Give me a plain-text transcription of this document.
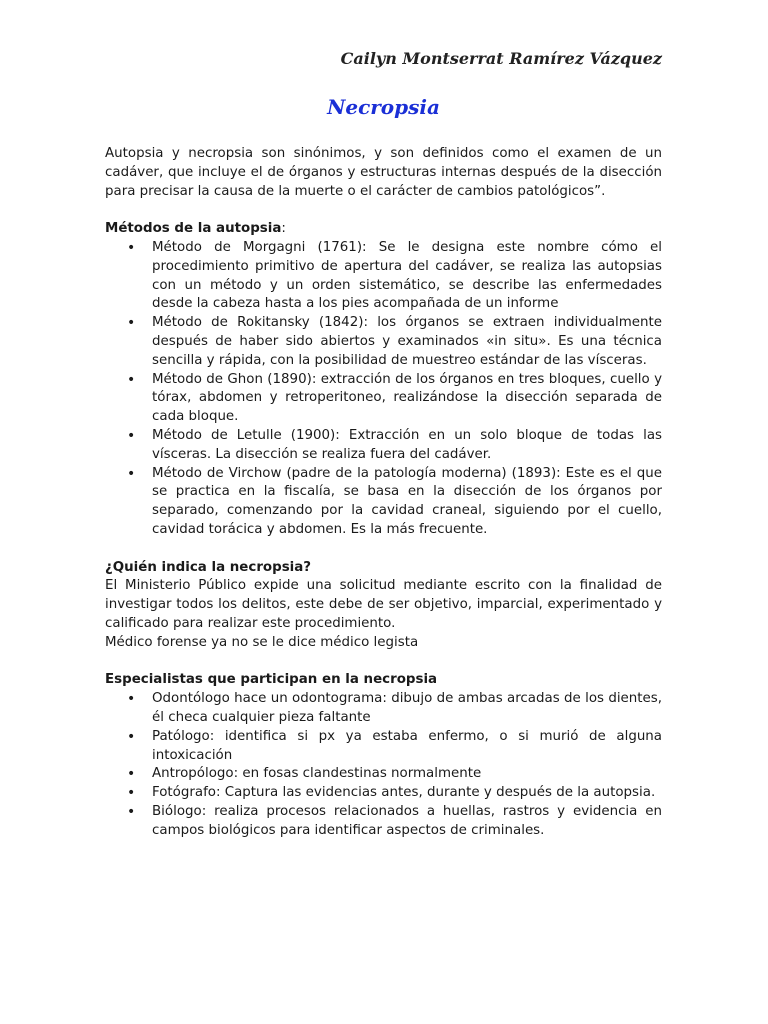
Cailyn Montserrat Ramírez Vázquez
Necropsia

Autopsia y necropsia son sinónimos, y son definidos como el examen de un cadáver, que incluye el de órganos y estructuras internas después de la disección para precisar la causa de la muerte o el carácter de cambios patológicos”.

Métodos de la autopsia:

• Método de Morgagni (1761): Se le designa este nombre cómo el procedimiento primitivo de apertura del cadáver, se realiza las autopsias con un método y un orden sistemático, se describe las enfermedades desde la cabeza hasta a los pies acompañada de un informe
• Método de Rokitansky (1842): los órganos se extraen individualmente después de haber sido abiertos y examinados «in situ». Es una técnica sencilla y rápida, con la posibilidad de muestreo estándar de las vísceras.
• Método de Ghon (1890): extracción de los órganos en tres bloques, cuello y tórax, abdomen y retroperitoneo, realizándose la disección separada de cada bloque.
• Método de Letulle (1900): Extracción en un solo bloque de todas las vísceras. La disección se realiza fuera del cadáver.
• Método de Virchow (padre de la patología moderna) (1893): Este es el que se practica en la fiscalía, se basa en la disección de los órganos por separado, comenzando por la cavidad craneal, siguiendo por el cuello, cavidad torácica y abdomen. Es la más frecuente.

¿Quién indica la necropsia?

El Ministerio Público expide una solicitud mediante escrito con la finalidad de investigar todos los delitos, este debe de ser objetivo, imparcial, experimentado y calificado para realizar este procedimiento.

Médico forense ya no se le dice médico legista

Especialistas que participan en la necropsia

• Odontólogo hace un odontograma: dibujo de ambas arcadas de los dientes, él checa cualquier pieza faltante
• Patólogo: identifica si px ya estaba enfermo, o si murió de alguna intoxicación
• Antropólogo: en fosas clandestinas normalmente
• Fotógrafo: Captura las evidencias antes, durante y después de la autopsia.
• Biólogo: realiza procesos relacionados a huellas, rastros y evidencia en campos biológicos para identificar aspectos de criminales.
